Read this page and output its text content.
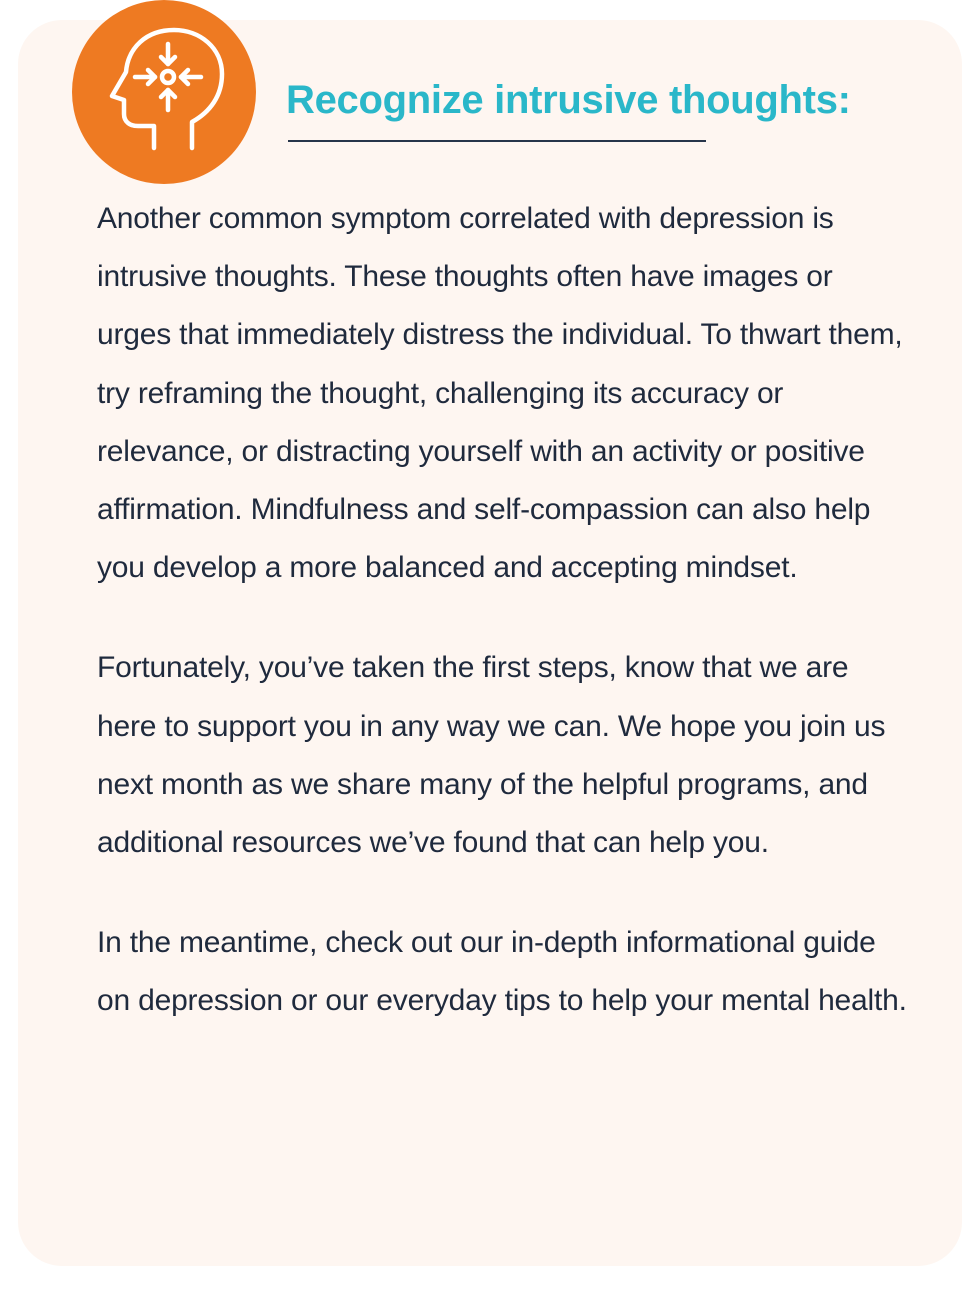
Recognize intrusive thoughts:

Another common symptom correlated with depression is intrusive thoughts. These thoughts often have images or urges that immediately distress the individual. To thwart them, try reframing the thought, challenging its accuracy or relevance, or distracting yourself with an activity or positive affirmation. Mindfulness and self-compassion can also help you develop a more balanced and accepting mindset.

Fortunately, you’ve taken the first steps, know that we are here to support you in any way we can. We hope you join us next month as we share many of the helpful programs, and additional resources we’ve found that can help you.

In the meantime, check out our in-depth informational guide on depression or our everyday tips to help your mental health.
